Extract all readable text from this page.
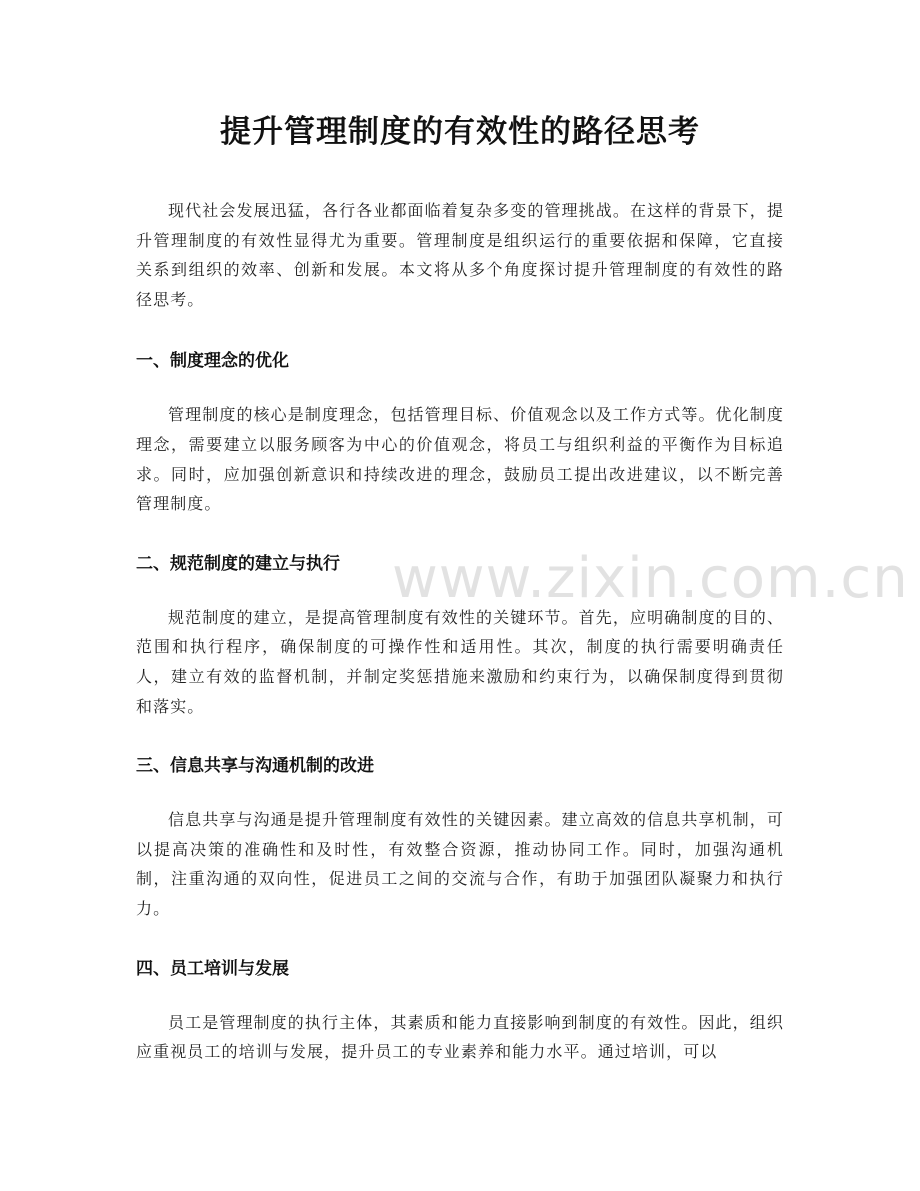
提升管理制度的有效性的路径思考

现代社会发展迅猛，各行各业都面临着复杂多变的管理挑战。在这样的背景下，提升管理制度的有效性显得尤为重要。管理制度是组织运行的重要依据和保障，它直接关系到组织的效率、创新和发展。本文将从多个角度探讨提升管理制度的有效性的路径思考。

一、制度理念的优化

管理制度的核心是制度理念，包括管理目标、价值观念以及工作方式等。优化制度理念，需要建立以服务顾客为中心的价值观念，将员工与组织利益的平衡作为目标追求。同时，应加强创新意识和持续改进的理念，鼓励员工提出改进建议，以不断完善管理制度。

二、规范制度的建立与执行

规范制度的建立，是提高管理制度有效性的关键环节。首先，应明确制度的目的、范围和执行程序，确保制度的可操作性和适用性。其次，制度的执行需要明确责任人，建立有效的监督机制，并制定奖惩措施来激励和约束行为，以确保制度得到贯彻和落实。

三、信息共享与沟通机制的改进

信息共享与沟通是提升管理制度有效性的关键因素。建立高效的信息共享机制，可以提高决策的准确性和及时性，有效整合资源，推动协同工作。同时，加强沟通机制，注重沟通的双向性，促进员工之间的交流与合作，有助于加强团队凝聚力和执行力。

四、员工培训与发展

员工是管理制度的执行主体，其素质和能力直接影响到制度的有效性。因此，组织应重视员工的培训与发展，提升员工的专业素养和能力水平。通过培训，可以

www.zixin.com.cn
